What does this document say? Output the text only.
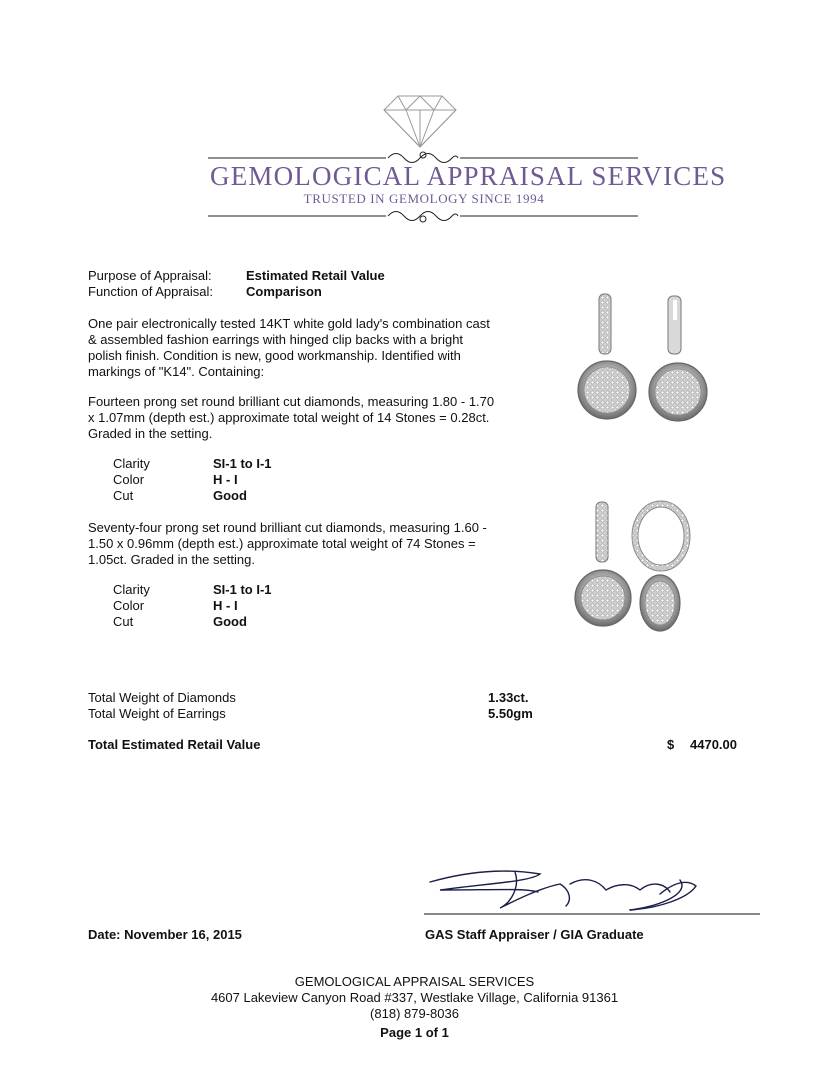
GEMOLOGICAL APPRAISAL SERVICES
TRUSTED IN GEMOLOGY SINCE 1994
Purpose of Appraisal:	Estimated Retail Value
Function of Appraisal:	Comparison
One pair electronically tested 14KT white gold lady's combination cast & assembled fashion earrings with hinged clip backs with a bright polish finish. Condition is new, good workmanship. Identified with markings of "K14". Containing:
Fourteen prong set round brilliant cut diamonds, measuring 1.80 - 1.70 x 1.07mm (depth est.) approximate total weight of 14 Stones = 0.28ct. Graded in the setting.
Clarity	SI-1 to I-1
Color	H - I
Cut	Good
Seventy-four prong set round brilliant cut diamonds, measuring 1.60 - 1.50 x 0.96mm (depth est.) approximate total weight of 74 Stones = 1.05ct. Graded in the setting.
Clarity	SI-1 to I-1
Color	H - I
Cut	Good
Total Weight of Diamonds	1.33ct.
Total Weight of Earrings	5.50gm
Total Estimated Retail Value	$ 4470.00
Date: November 16, 2015	GAS Staff Appraiser / GIA Graduate
GEMOLOGICAL APPRAISAL SERVICES
4607 Lakeview Canyon Road #337, Westlake Village, California 91361
(818) 879-8036
Page 1 of 1
